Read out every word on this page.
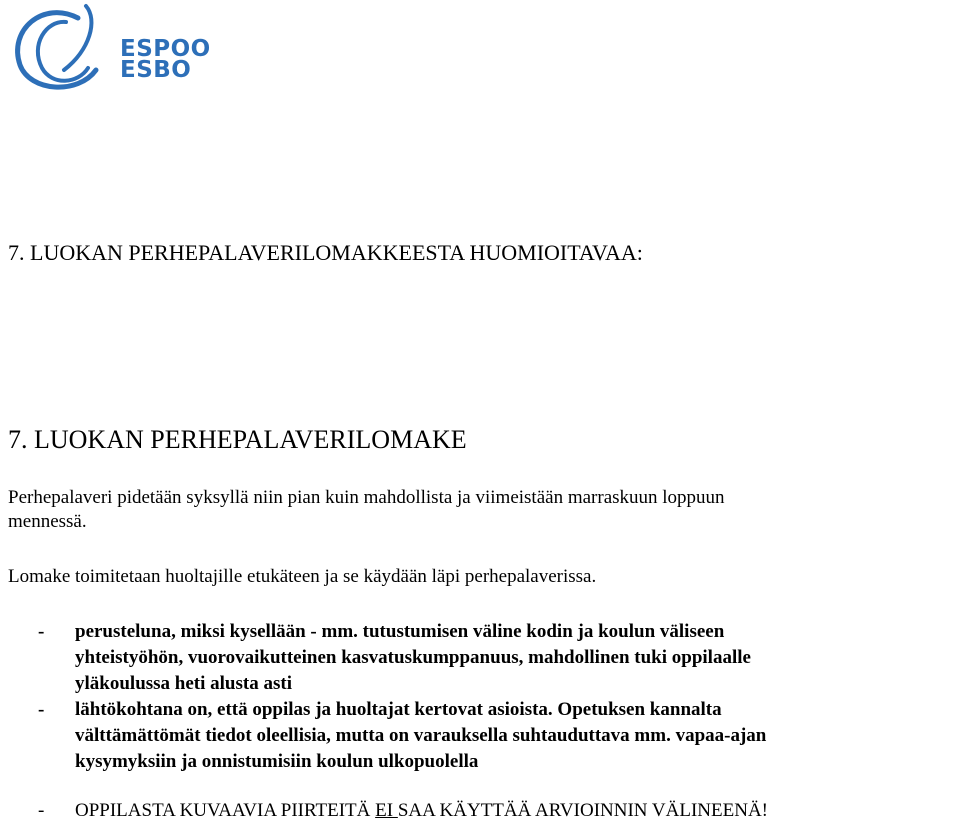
ESPOO
ESBO
7. LUOKAN PERHEPALAVERILOMAKKEESTA HUOMIOITAVAA:
7. LUOKAN PERHEPALAVERILOMAKE
Perhepalaveri pidetään syksyllä niin pian kuin mahdollista ja viimeistään marraskuun loppuun
mennessä.
Lomake toimitetaan huoltajille etukäteen ja se käydään läpi perhepalaverissa.
- perusteluna, miksi kysellään - mm. tutustumisen väline kodin ja koulun väliseen
yhteistyöhön, vuorovaikutteinen kasvatuskumppanuus, mahdollinen tuki oppilaalle
yläkoulussa heti alusta asti
- lähtökohtana on, että oppilas ja huoltajat kertovat asioista. Opetuksen kannalta
välttämättömät tiedot oleellisia, mutta on varauksella suhtauduttava mm. vapaa-ajan
kysymyksiin ja onnistumisiin koulun ulkopuolella
- OPPILASTA KUVAAVIA PIIRTEITÄ EI SAA KÄYTTÄÄ ARVIOINNIN VÄLINEENÄ!
